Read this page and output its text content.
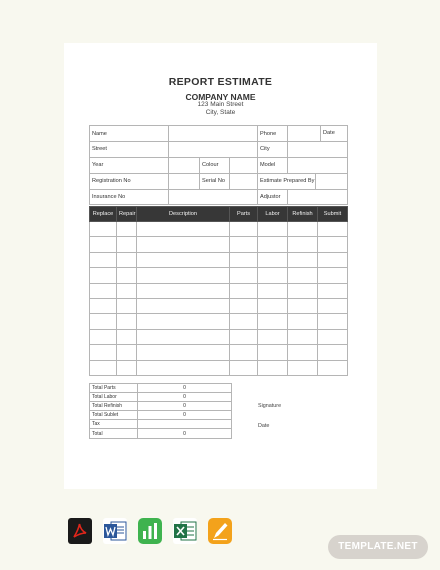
REPORT ESTIMATE
COMPANY NAME
123 Main Street
City, State
Name			Phone	Date

Street			City	
Year	Colour		Model	
Registration No	Serial No		Estimate Prepared By	

Insurance No			Adjustor	
Replace	Repair	Description	Parts	Labor	Refinish	Submit

Total Parts	0
Total Labor	0
Total Refinish	0
Total Sublet	0
Tax	
Total	0
Signature
Date
TEMPLATE.NET
